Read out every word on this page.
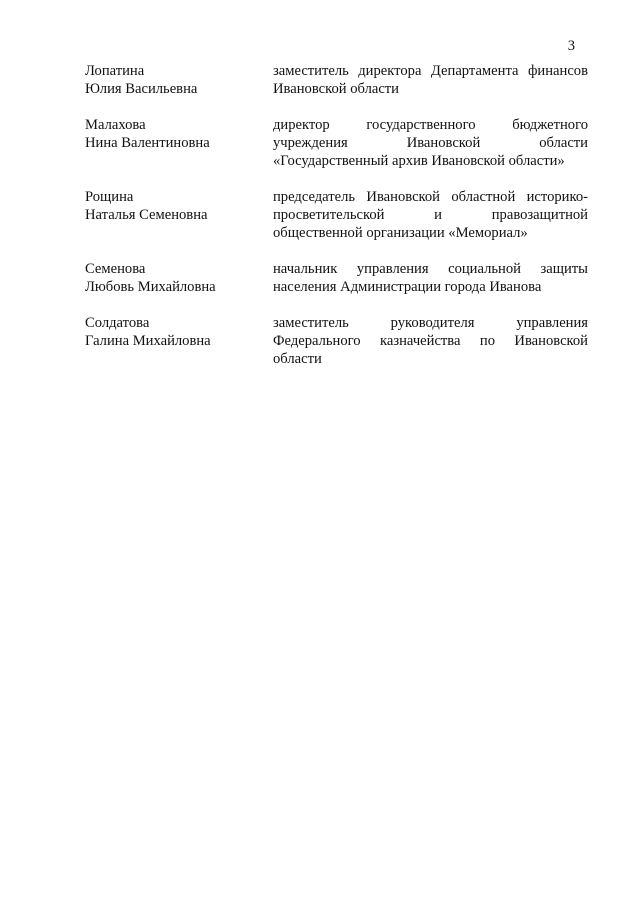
3
Лопатина
Юлия Васильевна
заместитель директора Департамента финансов Ивановской области
Малахова
Нина Валентиновна
директор государственного бюджетного учреждения Ивановской области «Государственный архив Ивановской области»
Рощина
Наталья Семеновна
председатель Ивановской областной историко-просветительской и правозащитной общественной организации «Мемориал»
Семенова
Любовь Михайловна
начальник управления социальной защиты населения Администрации города Иванова
Солдатова
Галина Михайловна
заместитель руководителя управления Федерального казначейства по Ивановской области
